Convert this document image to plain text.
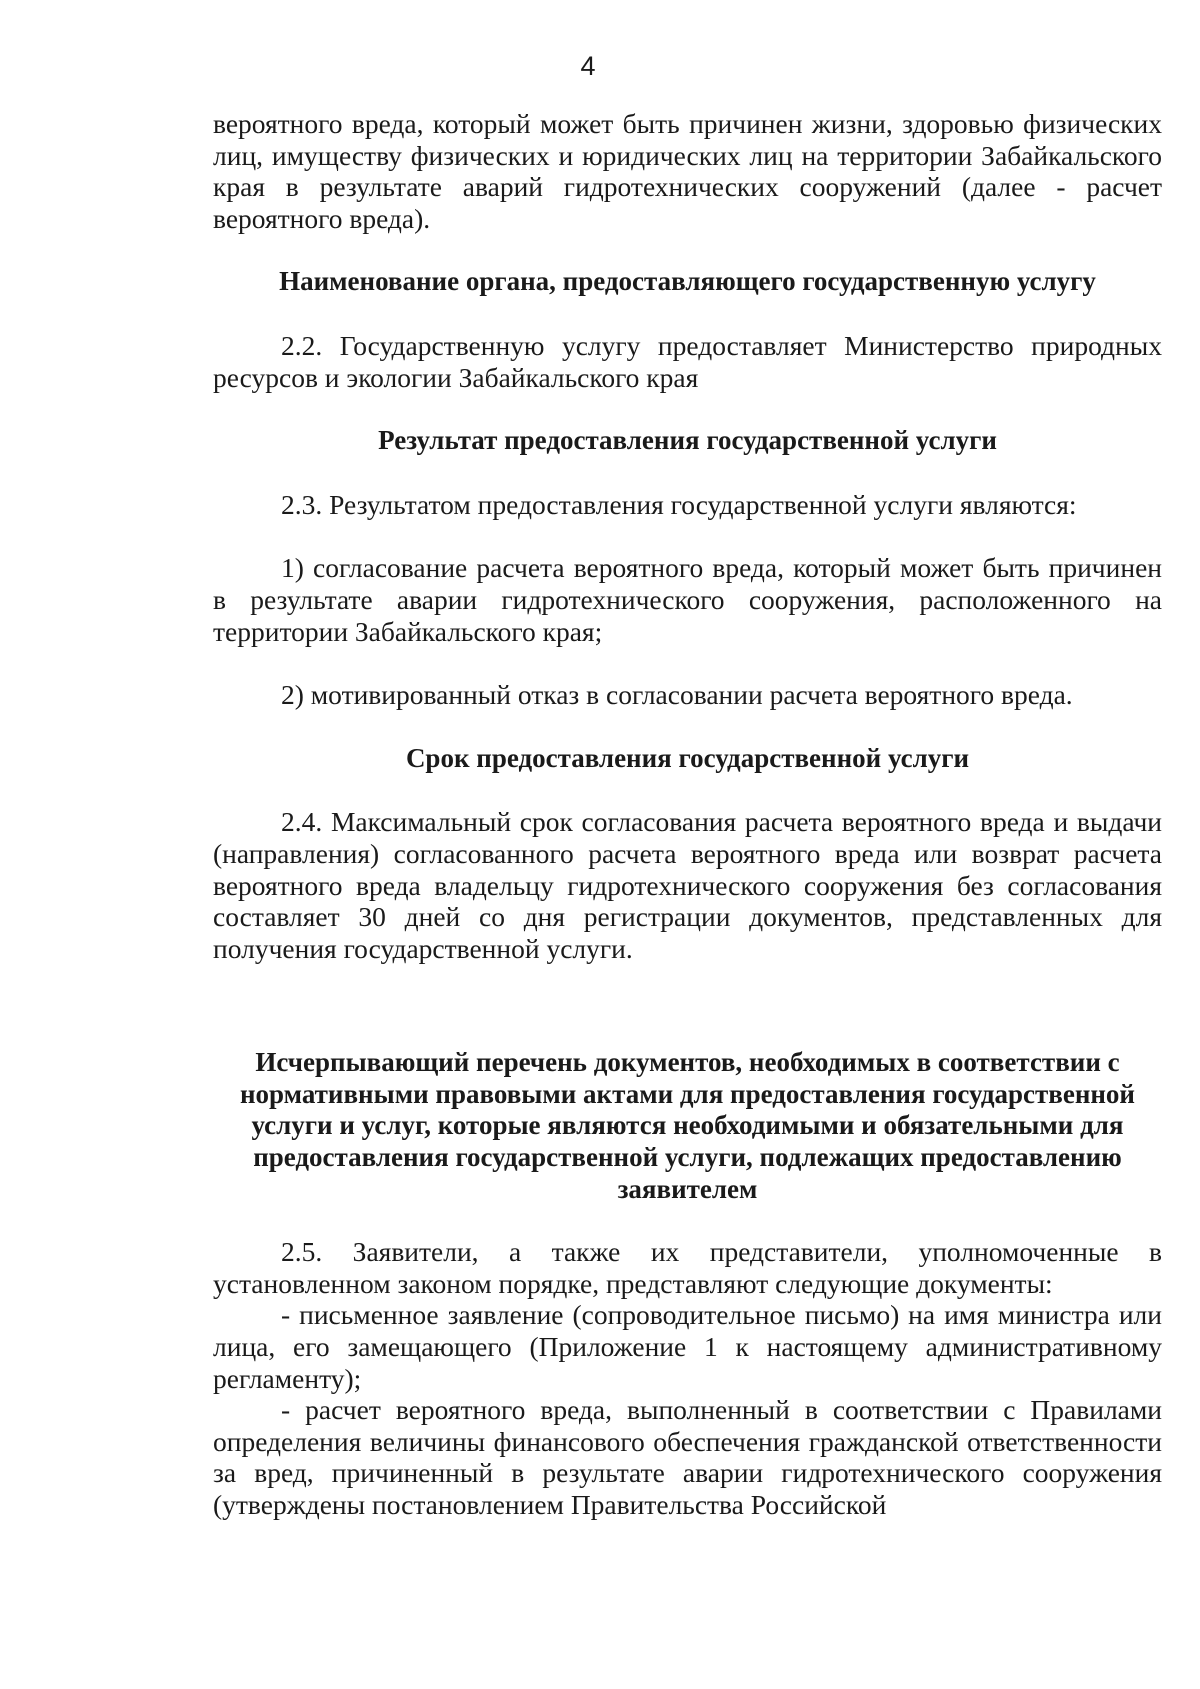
4

вероятного вреда, который может быть причинен жизни, здоровью физических лиц, имуществу физических и юридических лиц на территории Забайкальского края в результате аварий гидротехнических сооружений (далее - расчет вероятного вреда).

Наименование органа, предоставляющего государственную услугу

2.2. Государственную услугу предоставляет Министерство природных ресурсов и экологии Забайкальского края

Результат предоставления государственной услуги

2.3. Результатом предоставления государственной услуги являются:

1) согласование расчета вероятного вреда, который может быть причинен в результате аварии гидротехнического сооружения, расположенного на территории Забайкальского края;

2) мотивированный отказ в согласовании расчета вероятного вреда.

Срок предоставления государственной услуги

2.4. Максимальный срок согласования расчета вероятного вреда и выдачи (направления) согласованного расчета вероятного вреда или возврат расчета вероятного вреда владельцу гидротехнического сооружения без согласования составляет 30 дней со дня регистрации документов, представленных для получения государственной услуги.

Исчерпывающий перечень документов, необходимых в соответствии с нормативными правовыми актами для предоставления государственной услуги и услуг, которые являются необходимыми и обязательными для предоставления государственной услуги, подлежащих предоставлению заявителем

2.5. Заявители, а также их представители, уполномоченные в установленном законом порядке, представляют следующие документы:

- письменное заявление (сопроводительное письмо) на имя министра или лица, его замещающего (Приложение 1 к настоящему административному регламенту);

- расчет вероятного вреда, выполненный в соответствии с Правилами определения величины финансового обеспечения гражданской ответственности за вред, причиненный в результате аварии гидротехнического сооружения (утверждены постановлением Правительства Российской
